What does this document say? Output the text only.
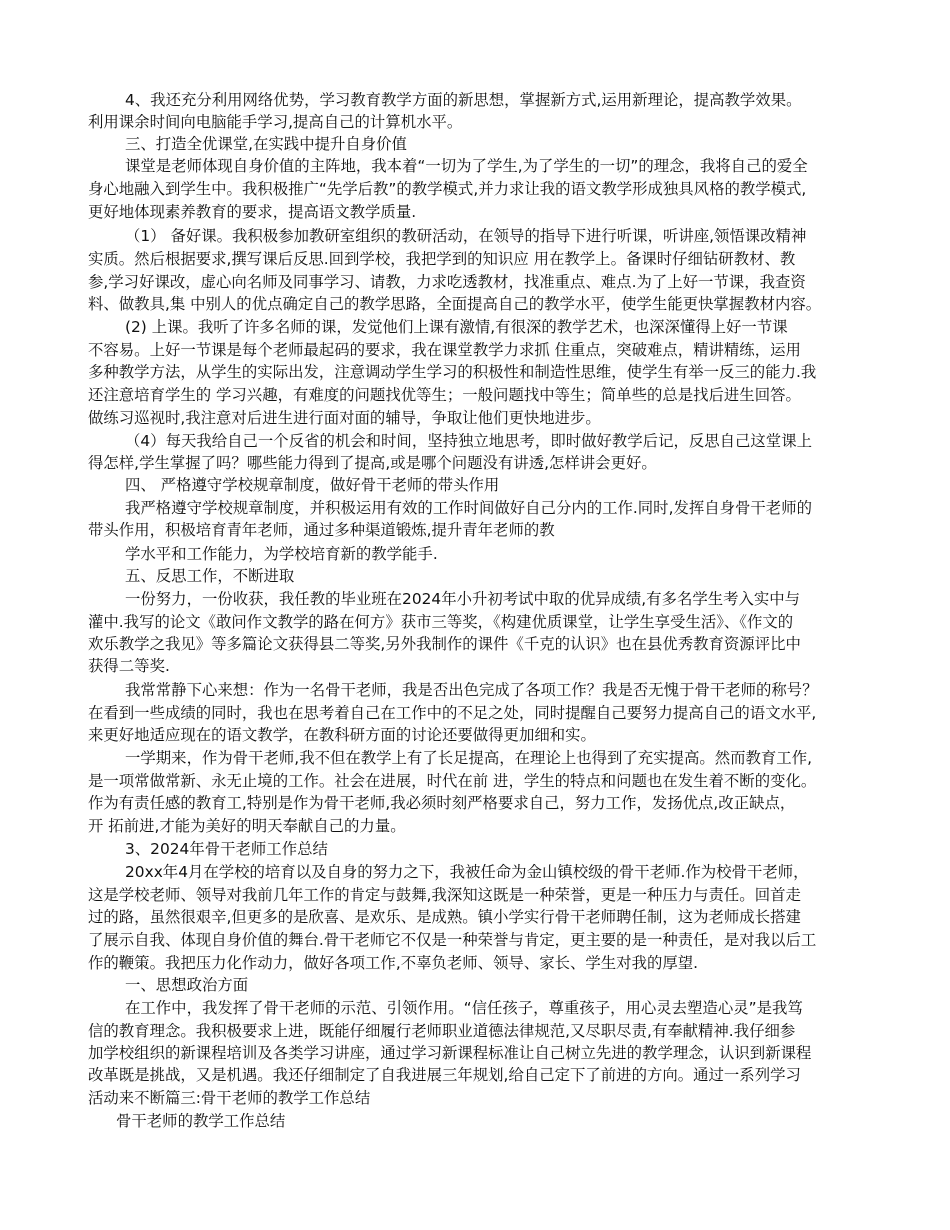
4、我还充分利用网络优势，学习教育教学方面的新思想，掌握新方式,运用新理论，提高教学效果。
利用课余时间向电脑能手学习,提高自己的计算机水平。
三、打造全优课堂,在实践中提升自身价值
课堂是老师体现自身价值的主阵地，我本着“一切为了学生,为了学生的一切”的理念，我将自己的爱全
身心地融入到学生中。我积极推广“先学后教”的教学模式,并力求让我的语文教学形成独具风格的教学模式,
更好地体现素养教育的要求，提高语文教学质量.
（1） 备好课。我积极参加教研室组织的教研活动，在领导的指导下进行听课，听讲座,领悟课改精神
实质。然后根据要求,撰写课后反思.回到学校，我把学到的知识应 用在教学上。备课时仔细钻研教材、教
参,学习好课改，虚心向名师及同事学习、请教，力求吃透教材，找准重点、难点.为了上好一节课，我查资
料、做教具,集 中别人的优点确定自己的教学思路，全面提高自己的教学水平，使学生能更快掌握教材内容。
(2) 上课。我听了许多名师的课，发觉他们上课有激情,有很深的教学艺术，也深深懂得上好一节课
不容易。上好一节课是每个老师最起码的要求，我在课堂教学力求抓 住重点，突破难点，精讲精练，运用
多种教学方法，从学生的实际出发，注意调动学生学习的积极性和制造性思维，使学生有举一反三的能力.我
还注意培育学生的 学习兴趣，有难度的问题找优等生；一般问题找中等生；简单些的总是找后进生回答。
做练习巡视时,我注意对后进生进行面对面的辅导，争取让他们更快地进步。
（4）每天我给自己一个反省的机会和时间，坚持独立地思考，即时做好教学后记，反思自己这堂课上
得怎样,学生掌握了吗？哪些能力得到了提高,或是哪个问题没有讲透,怎样讲会更好。
四、 严格遵守学校规章制度，做好骨干老师的带头作用
我严格遵守学校规章制度，并积极运用有效的工作时间做好自己分内的工作.同时,发挥自身骨干老师的
带头作用，积极培育青年老师，通过多种渠道锻炼,提升青年老师的教
学水平和工作能力，为学校培育新的教学能手.
五、反思工作，不断进取
一份努力，一份收获，我任教的毕业班在2024年小升初考试中取的优异成绩,有多名学生考入实中与
灌中.我写的论文《敢问作文教学的路在何方》获市三等奖，《构建优质课堂，让学生享受生活》、《作文的
欢乐教学之我见》等多篇论文获得县二等奖,另外我制作的课件《千克的认识》也在县优秀教育资源评比中
获得二等奖.
我常常静下心来想：作为一名骨干老师，我是否出色完成了各项工作？我是否无愧于骨干老师的称号？
在看到一些成绩的同时，我也在思考着自己在工作中的不足之处，同时提醒自己要努力提高自己的语文水平,
来更好地适应现在的语文教学，在教科研方面的讨论还要做得更加细和实。
一学期来，作为骨干老师,我不但在教学上有了长足提高，在理论上也得到了充实提高。然而教育工作,
是一项常做常新、永无止境的工作。社会在进展，时代在前 进，学生的特点和问题也在发生着不断的变化。
作为有责任感的教育工,特别是作为骨干老师,我必须时刻严格要求自己，努力工作，发扬优点,改正缺点，
开 拓前进,才能为美好的明天奉献自己的力量。
3、2024年骨干老师工作总结
20xx年4月在学校的培育以及自身的努力之下，我被任命为金山镇校级的骨干老师.作为校骨干老师，
这是学校老师、领导对我前几年工作的肯定与鼓舞,我深知这既是一种荣誉，更是一种压力与责任。回首走
过的路，虽然很艰辛,但更多的是欣喜、是欢乐、是成熟。镇小学实行骨干老师聘任制，这为老师成长搭建
了展示自我、体现自身价值的舞台.骨干老师它不仅是一种荣誉与肯定，更主要的是一种责任，是对我以后工
作的鞭策。我把压力化作动力，做好各项工作,不辜负老师、领导、家长、学生对我的厚望.
一、思想政治方面
在工作中，我发挥了骨干老师的示范、引领作用。“信任孩子，尊重孩子，用心灵去塑造心灵”是我笃
信的教育理念。我积极要求上进，既能仔细履行老师职业道德法律规范,又尽职尽责,有奉献精神.我仔细参
加学校组织的新课程培训及各类学习讲座，通过学习新课程标准让自己树立先进的教学理念，认识到新课程
改革既是挑战，又是机遇。我还仔细制定了自我进展三年规划,给自己定下了前进的方向。通过一系列学习
活动来不断篇三:骨干老师的教学工作总结
骨干老师的教学工作总结
